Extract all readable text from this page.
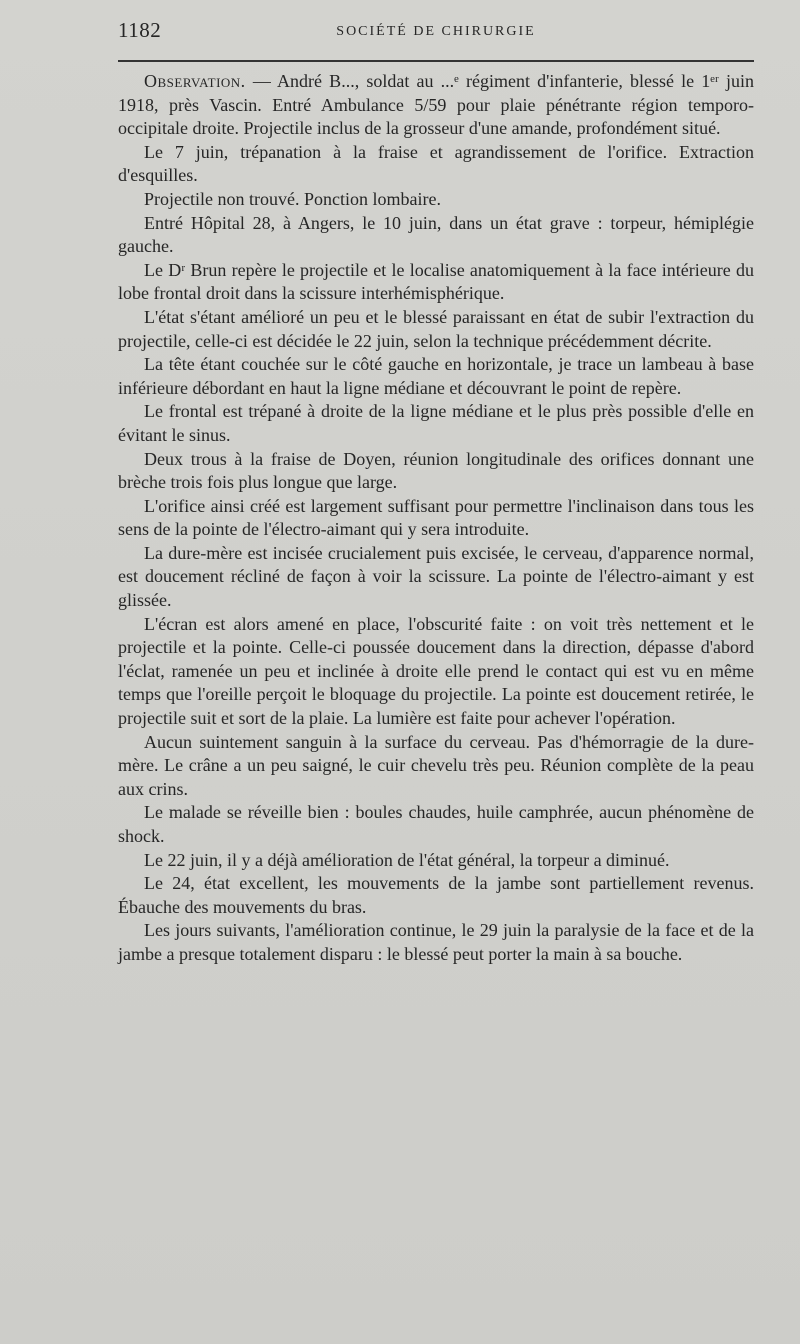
1182	SOCIÉTÉ DE CHIRURGIE

Observation. — André B..., soldat au ...ᵉ régiment d'infanterie, blessé le 1ᵉʳ juin 1918, près Vascin. Entré Ambulance 5/59 pour plaie pénétrante région temporo-occipitale droite. Projectile inclus de la grosseur d'une amande, profondément situé.

Le 7 juin, trépanation à la fraise et agrandissement de l'orifice. Extraction d'esquilles.

Projectile non trouvé. Ponction lombaire.

Entré Hôpital 28, à Angers, le 10 juin, dans un état grave : torpeur, hémiplégie gauche.

Le Dʳ Brun repère le projectile et le localise anatomiquement à la face intérieure du lobe frontal droit dans la scissure interhémisphérique.

L'état s'étant amélioré un peu et le blessé paraissant en état de subir l'extraction du projectile, celle-ci est décidée le 22 juin, selon la technique précédemment décrite.

La tête étant couchée sur le côté gauche en horizontale, je trace un lambeau à base inférieure débordant en haut la ligne médiane et découvrant le point de repère.

Le frontal est trépané à droite de la ligne médiane et le plus près possible d'elle en évitant le sinus.

Deux trous à la fraise de Doyen, réunion longitudinale des orifices donnant une brèche trois fois plus longue que large.

L'orifice ainsi créé est largement suffisant pour permettre l'inclinaison dans tous les sens de la pointe de l'électro-aimant qui y sera introduite.

La dure-mère est incisée crucialement puis excisée, le cerveau, d'apparence normal, est doucement récliné de façon à voir la scissure. La pointe de l'électro-aimant y est glissée.

L'écran est alors amené en place, l'obscurité faite : on voit très nettement et le projectile et la pointe. Celle-ci poussée doucement dans la direction, dépasse d'abord l'éclat, ramenée un peu et inclinée à droite elle prend le contact qui est vu en même temps que l'oreille perçoit le bloquage du projectile. La pointe est doucement retirée, le projectile suit et sort de la plaie. La lumière est faite pour achever l'opération.

Aucun suintement sanguin à la surface du cerveau. Pas d'hémorragie de la dure-mère. Le crâne a un peu saigné, le cuir chevelu très peu. Réunion complète de la peau aux crins.

Le malade se réveille bien : boules chaudes, huile camphrée, aucun phénomène de shock.

Le 22 juin, il y a déjà amélioration de l'état général, la torpeur a diminué.

Le 24, état excellent, les mouvements de la jambe sont partiellement revenus. Ébauche des mouvements du bras.

Les jours suivants, l'amélioration continue, le 29 juin la paralysie de la face et de la jambe a presque totalement disparu : le blessé peut porter la main à sa bouche.
